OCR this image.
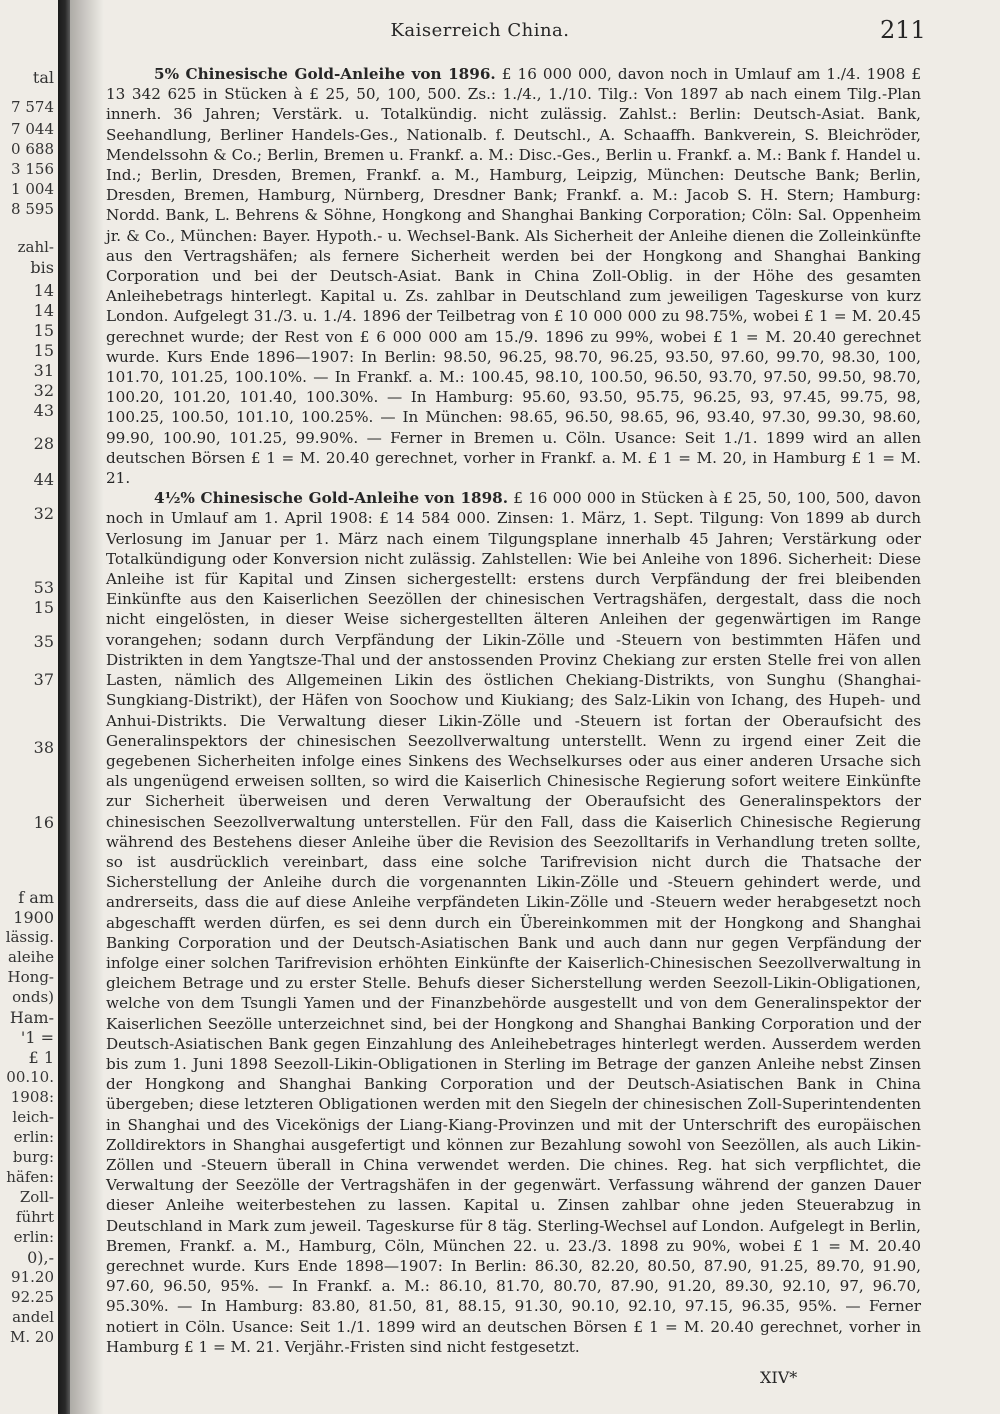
tal
7 574
7 044
0 688
3 156
1 004
8 595
zahl-
bis
14
14
15
15
31
32
43
28
44
32
53
15
35
37
38
16
f am
1900
lässig.
aleihe
Hong-
onds)
Ham-
'1 =
£ 1
00.10.
1908:
leich-
erlin:
burg:
häfen:
Zoll-
führt
erlin:
0),-
91.20
92.25
andel
M. 20
Kaiserreich China.	211

5% Chinesische Gold-Anleihe von 1896. £ 16 000 000, davon noch in Umlauf am 1./4. 1908 £ 13 342 625 in Stücken à £ 25, 50, 100, 500. Zs.: 1./4., 1./10. Tilg.: Von 1897 ab nach einem Tilg.-Plan innerh. 36 Jahren; Verstärk. u. Totalkündig. nicht zulässig. Zahlst.: Berlin: Deutsch-Asiat. Bank, Seehandlung, Berliner Handels-Ges., Nationalb. f. Deutschl., A. Schaaffh. Bankverein, S. Bleichröder, Mendelssohn & Co.; Berlin, Bremen u. Frankf. a. M.: Disc.-Ges., Berlin u. Frankf. a. M.: Bank f. Handel u. Ind.; Berlin, Dresden, Bremen, Frankf. a. M., Hamburg, Leipzig, München: Deutsche Bank; Berlin, Dresden, Bremen, Hamburg, Nürnberg, Dresdner Bank; Frankf. a. M.: Jacob S. H. Stern; Hamburg: Nordd. Bank, L. Behrens & Söhne, Hongkong and Shanghai Banking Corporation; Cöln: Sal. Oppenheim jr. & Co., München: Bayer. Hypoth.- u. Wechsel-Bank. Als Sicherheit der Anleihe dienen die Zolleinkünfte aus den Vertragshäfen; als fernere Sicherheit werden bei der Hongkong and Shanghai Banking Corporation und bei der Deutsch-Asiat. Bank in China Zoll-Oblig. in der Höhe des gesamten Anleihebetrags hinterlegt. Kapital u. Zs. zahlbar in Deutschland zum jeweiligen Tageskurse von kurz London. Aufgelegt 31./3. u. 1./4. 1896 der Teilbetrag von £ 10 000 000 zu 98.75%, wobei £ 1 = M. 20.45 gerechnet wurde; der Rest von £ 6 000 000 am 15./9. 1896 zu 99%, wobei £ 1 = M. 20.40 gerechnet wurde. Kurs Ende 1896—1907: In Berlin: 98.50, 96.25, 98.70, 96.25, 93.50, 97.60, 99.70, 98.30, 100, 101.70, 101.25, 100.10%. — In Frankf. a. M.: 100.45, 98.10, 100.50, 96.50, 93.70, 97.50, 99.50, 98.70, 100.20, 101.20, 101.40, 100.30%. — In Hamburg: 95.60, 93.50, 95.75, 96.25, 93, 97.45, 99.75, 98, 100.25, 100.50, 101.10, 100.25%. — In München: 98.65, 96.50, 98.65, 96, 93.40, 97.30, 99.30, 98.60, 99.90, 100.90, 101.25, 99.90%. — Ferner in Bremen u. Cöln. Usance: Seit 1./1. 1899 wird an allen deutschen Börsen £ 1 = M. 20.40 gerechnet, vorher in Frankf. a. M. £ 1 = M. 20, in Hamburg £ 1 = M. 21.

4½% Chinesische Gold-Anleihe von 1898. £ 16 000 000 in Stücken à £ 25, 50, 100, 500, davon noch in Umlauf am 1. April 1908: £ 14 584 000. Zinsen: 1. März, 1. Sept. Tilgung: Von 1899 ab durch Verlosung im Januar per 1. März nach einem Tilgungsplane innerhalb 45 Jahren; Verstärkung oder Totalkündigung oder Konversion nicht zulässig. Zahlstellen: Wie bei Anleihe von 1896. Sicherheit: Diese Anleihe ist für Kapital und Zinsen sichergestellt: erstens durch Verpfändung der frei bleibenden Einkünfte aus den Kaiserlichen Seezöllen der chinesischen Vertragshäfen, dergestalt, dass die noch nicht eingelösten, in dieser Weise sichergestellten älteren Anleihen der gegenwärtigen im Range vorangehen; sodann durch Verpfändung der Likin-Zölle und -Steuern von bestimmten Häfen und Distrikten in dem Yangtsze-Thal und der anstossenden Provinz Chekiang zur ersten Stelle frei von allen Lasten, nämlich des Allgemeinen Likin des östlichen Chekiang-Distrikts, von Sunghu (Shanghai-Sungkiang-Distrikt), der Häfen von Soochow und Kiukiang; des Salz-Likin von Ichang, des Hupeh- und Anhui-Distrikts. Die Verwaltung dieser Likin-Zölle und -Steuern ist fortan der Oberaufsicht des Generalinspektors der chinesischen Seezollverwaltung unterstellt. Wenn zu irgend einer Zeit die gegebenen Sicherheiten infolge eines Sinkens des Wechselkurses oder aus einer anderen Ursache sich als ungenügend erweisen sollten, so wird die Kaiserlich Chinesische Regierung sofort weitere Einkünfte zur Sicherheit überweisen und deren Verwaltung der Oberaufsicht des Generalinspektors der chinesischen Seezollverwaltung unterstellen. Für den Fall, dass die Kaiserlich Chinesische Regierung während des Bestehens dieser Anleihe über die Revision des Seezolltarifs in Verhandlung treten sollte, so ist ausdrücklich vereinbart, dass eine solche Tarifrevision nicht durch die Thatsache der Sicherstellung der Anleihe durch die vorgenannten Likin-Zölle und -Steuern gehindert werde, und andrerseits, dass die auf diese Anleihe verpfändeten Likin-Zölle und -Steuern weder herabgesetzt noch abgeschafft werden dürfen, es sei denn durch ein Übereinkommen mit der Hongkong and Shanghai Banking Corporation und der Deutsch-Asiatischen Bank und auch dann nur gegen Verpfändung der infolge einer solchen Tarifrevision erhöhten Einkünfte der Kaiserlich-Chinesischen Seezollverwaltung in gleichem Betrage und zu erster Stelle. Behufs dieser Sicherstellung werden Seezoll-Likin-Obligationen, welche von dem Tsungli Yamen und der Finanzbehörde ausgestellt und von dem Generalinspektor der Kaiserlichen Seezölle unterzeichnet sind, bei der Hongkong and Shanghai Banking Corporation und der Deutsch-Asiatischen Bank gegen Einzahlung des Anleihebetrages hinterlegt werden. Ausserdem werden bis zum 1. Juni 1898 Seezoll-Likin-Obligationen in Sterling im Betrage der ganzen Anleihe nebst Zinsen der Hongkong and Shanghai Banking Corporation und der Deutsch-Asiatischen Bank in China übergeben; diese letzteren Obligationen werden mit den Siegeln der chinesischen Zoll-Superintendenten in Shanghai und des Vicekönigs der Liang-Kiang-Provinzen und mit der Unterschrift des europäischen Zolldirektors in Shanghai ausgefertigt und können zur Bezahlung sowohl von Seezöllen, als auch Likin-Zöllen und -Steuern überall in China verwendet werden. Die chines. Reg. hat sich verpflichtet, die Verwaltung der Seezölle der Vertragshäfen in der gegenwärt. Verfassung während der ganzen Dauer dieser Anleihe weiterbestehen zu lassen. Kapital u. Zinsen zahlbar ohne jeden Steuerabzug in Deutschland in Mark zum jeweil. Tageskurse für 8 täg. Sterling-Wechsel auf London. Aufgelegt in Berlin, Bremen, Frankf. a. M., Hamburg, Cöln, München 22. u. 23./3. 1898 zu 90%, wobei £ 1 = M. 20.40 gerechnet wurde. Kurs Ende 1898—1907: In Berlin: 86.30, 82.20, 80.50, 87.90, 91.25, 89.70, 91.90, 97.60, 96.50, 95%. — In Frankf. a. M.: 86.10, 81.70, 80.70, 87.90, 91.20, 89.30, 92.10, 97, 96.70, 95.30%. — In Hamburg: 83.80, 81.50, 81, 88.15, 91.30, 90.10, 92.10, 97.15, 96.35, 95%. — Ferner notiert in Cöln. Usance: Seit 1./1. 1899 wird an deutschen Börsen £ 1 = M. 20.40 gerechnet, vorher in Hamburg £ 1 = M. 21. Verjähr.-Fristen sind nicht festgesetzt.

XIV*
